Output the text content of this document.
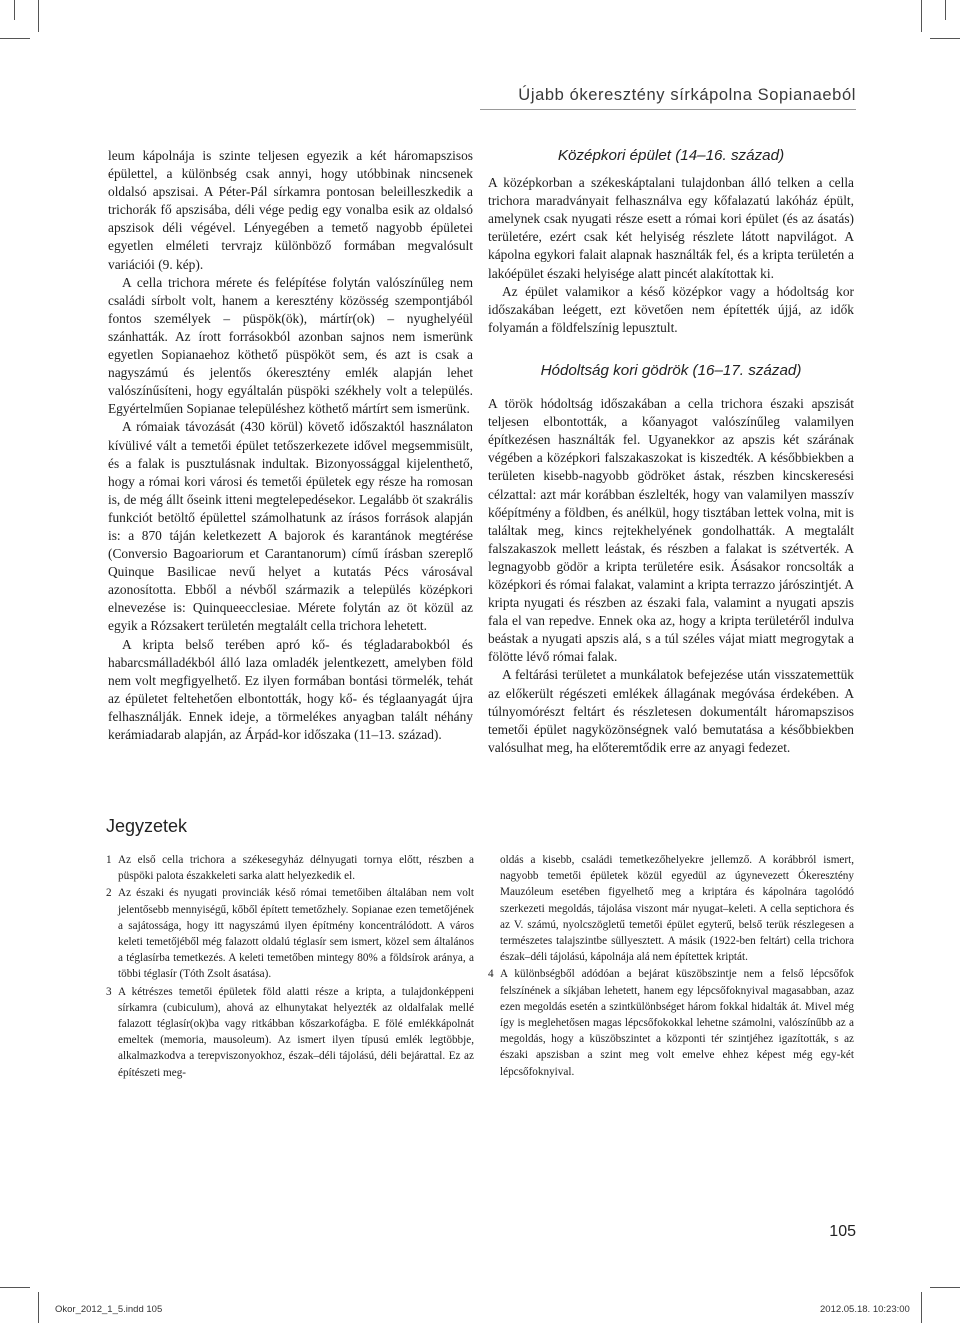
Újabb ókeresztény sírkápolna Sopianaeból

leum kápolnája is szinte teljesen egyezik a két háromapszisos épülettel, a különbség csak annyi, hogy utóbbinak nincsenek oldalsó apszisai. A Péter-Pál sírkamra pontosan beleilleszkedik a trichorák fő apszisába, déli vége pedig egy vonalba esik az oldalsó apszisok déli végével. Lényegében a temető nagyobb épületei egyetlen elméleti tervrajz különböző formában megvalósult variációi (9. kép).

A cella trichora mérete és felépítése folytán valószínűleg nem családi sírbolt volt, hanem a keresztény közösség szempontjából fontos személyek – püspök(ök), mártír(ok) – nyughelyéül szánhatták. Az írott forrásokból azonban sajnos nem ismerünk egyetlen Sopianaehoz köthető püspököt sem, és azt is csak a nagyszámú és jelentős ókeresztény emlék alapján lehet valószínűsíteni, hogy egyáltalán püspöki székhely volt a település. Egyértelműen Sopianae településhez köthető mártírt sem ismerünk.

A rómaiak távozását (430 körül) követő időszaktól használaton kívülivé vált a temetői épület tetőszerkezete idővel megsemmisült, és a falak is pusztulásnak indultak. Bizonyossággal kijelenthető, hogy a római kori városi és temetői épületek egy része ha romosan is, de még állt őseink itteni megtelepedésekor. Legalább öt szakrális funkciót betöltő épülettel számolhatunk az írásos források alapján is: a 870 táján keletkezett A bajorok és karantánok megtérése (Conversio Bagoariorum et Carantanorum) című írásban szereplő Quinque Basilicae nevű helyet a kutatás Pécs városával azonosította. Ebből a névből származik a település középkori elnevezése is: Quinqueecclesiae. Mérete folytán az öt közül az egyik a Rózsakert területén megtalált cella trichora lehetett.

A kripta belső terében apró kő- és tégladarabokból és habarcsmálladékból álló laza omladék jelentkezett, amelyben föld nem volt megfigyelhető. Ez ilyen formában bontási törmelék, tehát az épületet feltehetően elbontották, hogy kő- és téglaanyagát újra felhasználják. Ennek ideje, a törmelékes anyagban talált néhány kerámiadarab alapján, az Árpád-kor időszaka (11–13. század).

Középkori épület (14–16. század)

A középkorban a székeskáptalani tulajdonban álló telken a cella trichora maradványait felhasználva egy kőfalazatú lakóház épült, amelynek csak nyugati része esett a római kori épület (és az ásatás) területére, ezért csak két helyiség részlete látott napvilágot. A kápolna egykori falait alapnak használták fel, és a kripta területén a lakóépület északi helyisége alatt pincét alakítottak ki.

Az épület valamikor a késő középkor vagy a hódoltság kor időszakában leégett, ezt követően nem építették újjá, az idők folyamán a földfelszínig lepusztult.

Hódoltság kori gödrök (16–17. század)

A török hódoltság időszakában a cella trichora északi apszisát teljesen elbontották, a kőanyagot valószínűleg valamilyen építkezésen használták fel. Ugyanekkor az apszis két szárának végében a középkori falszakaszokat is kiszedték. A későbbiekben a területen kisebb-nagyobb gödröket ástak, részben kincskeresési célzattal: azt már korábban észlelték, hogy van valamilyen masszív kőépítmény a földben, és anélkül, hogy tisztában lettek volna, mit is találtak meg, kincs rejtekhelyének gondolhatták. A megtalált falszakaszok mellett leástak, és részben a falakat is szétverték. A legnagyobb gödör a kripta területére esik. Ásásakor roncsolták a középkori és római falakat, valamint a kripta terrazzo járószintjét. A kripta nyugati és részben az északi fala, valamint a nyugati apszis fala el van repedve. Ennek oka az, hogy a kripta területéről indulva beástak a nyugati apszis alá, s a túl széles vájat miatt megrogytak a fölötte lévő római falak.

A feltárási területet a munkálatok befejezése után visszatemettük az előkerült régészeti emlékek állagának megóvása érdekében. A túlnyomórészt feltárt és részletesen dokumentált háromapszisos temetői épület nagyközönségnek való bemutatása a későbbiekben valósulhat meg, ha előteremtődik erre az anyagi fedezet.

Jegyzetek
1 Az első cella trichora a székesegyház délnyugati tornya előtt, részben a püspöki palota északkeleti sarka alatt helyezkedik el.
2 Az északi és nyugati provinciák késő római temetőiben általában nem volt jelentősebb mennyiségű, kőből épített temetőzhely. Sopianae ezen temetőjének a sajátossága, hogy itt nagyszámú ilyen építmény koncentrálódott. A város keleti temetőjéből még falazott oldalú téglasír sem ismert, közel sem általános a téglasírba temetkezés. A keleti temetőben mintegy 80% a földsírok aránya, a többi téglasír (Tóth Zsolt ásatása).
3 A kétrészes temetői épületek föld alatti része a kripta, a tulajdonképpeni sírkamra (cubiculum), ahová az elhunytakat helyezték az oldalfalak mellé falazott téglasír(ok)ba vagy ritkábban kőszarkofágba. E fölé emlékkápolnát emeltek (memoria, mausoleum). Az ismert ilyen típusú emlék legtöbbje, alkalmazkodva a terepviszonyokhoz, észak–déli tájolású, déli bejárattal. Ez az építészeti meg-
oldás a kisebb, családi temetkezőhelyekre jellemző. A korábbról ismert, nagyobb temetői épületek közül egyedül az úgynevezett Ókeresztény Mauzóleum esetében figyelhető meg a kriptára és kápolnára tagolódó szerkezeti megoldás, tájolása viszont már nyugat–keleti. A cella septichora és az V. számú, nyolcszögletű temetői épület egyterű, belső terük részlegesen a természetes talajszintbe süllyesztett. A másik (1922-ben feltárt) cella trichora észak–déli tájolású, kápolnája alá nem építettek kriptát.
4 A különbségből adódóan a bejárat küszöbszintje nem a felső lépcsőfok felszínének a síkjában lehetett, hanem egy lépcsőfoknyival magasabban, azaz ezen megoldás esetén a szintkülönbséget három fokkal hidalták át. Mivel még így is meglehetősen magas lépcsőfokokkal lehetne számolni, valószínűbb az a megoldás, hogy a küszöbszintet a központi tér szintjéhez igazították, s az északi apszisban a szint meg volt emelve ehhez képest még egy-két lépcsőfoknyival.
105
Okor_2012_1_5.indd 105	2012.05.18. 10:23:00
